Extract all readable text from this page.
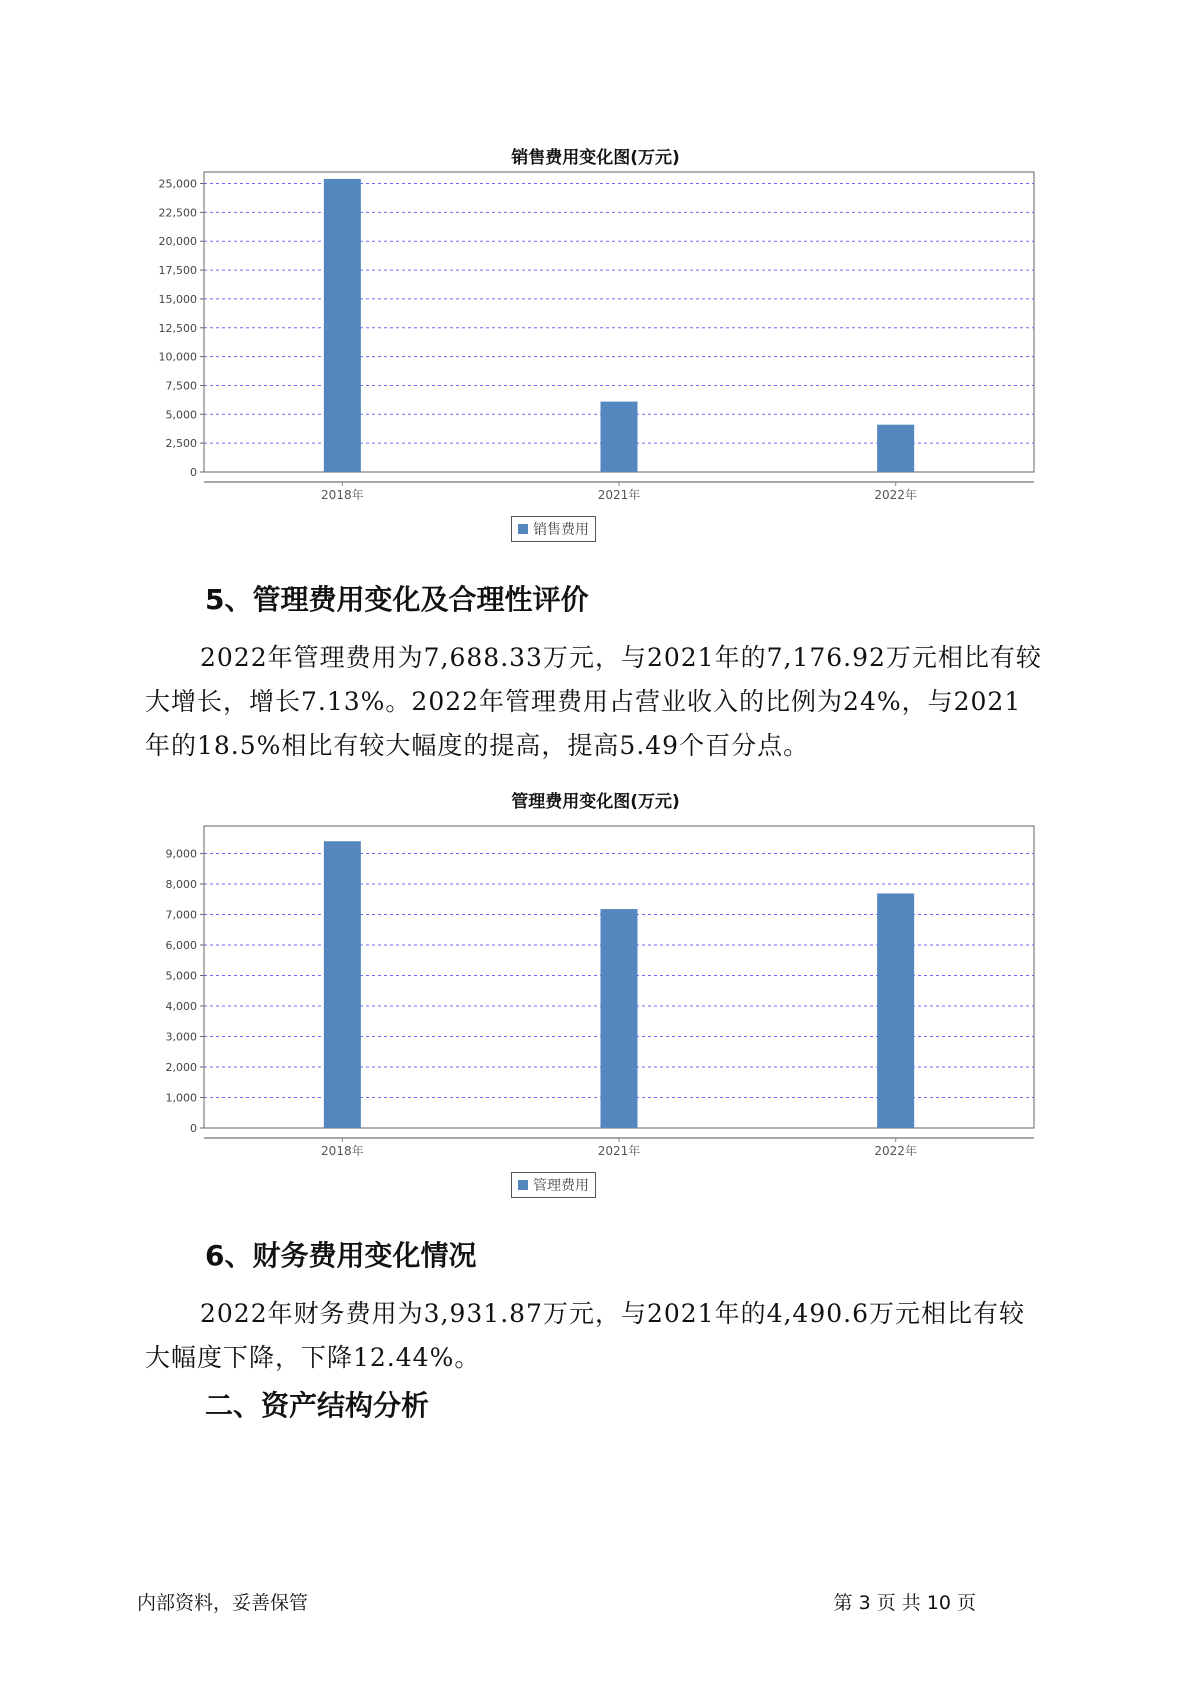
销售费用变化图(万元)
0
2,500
5,000
7,500
10,000
12,500
15,000
17,500
20,000
22,500
25,000
2018年	2021年	2022年
销售费用
5、管理费用变化及合理性评价
2022年管理费用为7,688.33万元，与2021年的7,176.92万元相比有较大增长，增长7.13%。2022年管理费用占营业收入的比例为24%，与2021年的18.5%相比有较大幅度的提高，提高5.49个百分点。
管理费用变化图(万元)
0
1,000
2,000
3,000
4,000
5,000
6,000
7,000
8,000
9,000
2018年	2021年	2022年
管理费用
6、财务费用变化情况
2022年财务费用为3,931.87万元，与2021年的4,490.6万元相比有较大幅度下降，下降12.44%。
二、资产结构分析
内部资料，妥善保管	第 3 页 共 10 页
